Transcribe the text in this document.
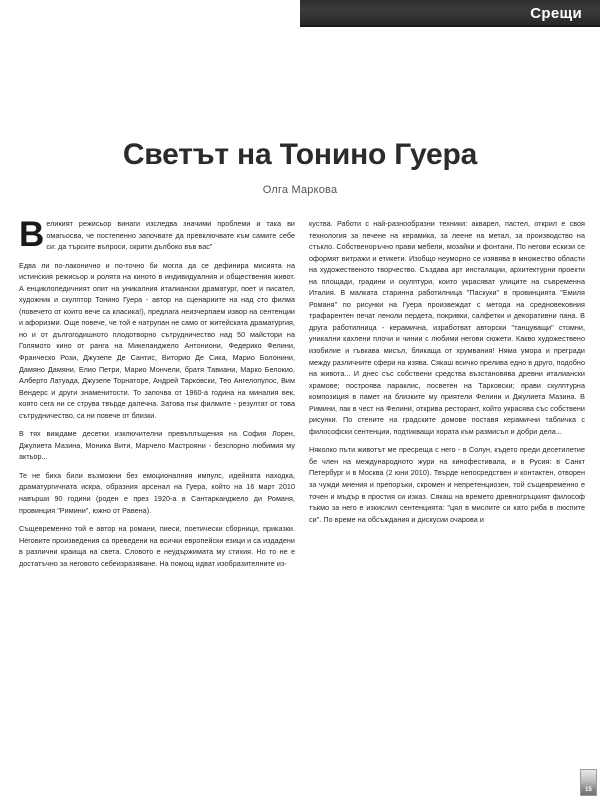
Срещи
Светът на Тонино Гуера
Олга Маркова

Великият режисьор винаги изследва значими проблеми и така ви омагьосва, че постепенно започвате да превключвате към самите себе си: да търсите въпроси, скрити дълбоко във вас"

Едва ли по-лаконично и по-точно би могла да се дефинира мисията на истинския режисьор и ролята на киното в индивидуалния и обществения живот. А енциклопедичният опит на уникалния италиански драматург, поет и писател, художник и скулптор Тонино Гуера - автор на сценариите на над сто филма (повечето от които вече са класика!), предлага неизчерпаем извор на сентенции и афоризми. Още повече, че той е натрупан не само от житейската драматургия, но и от дългогодишното плодотворно сътрудничество над 50 майстори на Голямото кино от ранга на Микеланджело Антониони, Федерико Фелини, Франческо Рози, Джузепе Де Сантис, Виторио Де Сика, Марио Болонини, Дамяно Дамяни, Елио Петри, Марио Мончели, братя Тавиани, Марко Белокио, Алберто Латуада, Джузепе Торнаторе, Андрей Тарковски, Тео Ангелопулос, Вим Вендерс и други знаменитости. То започва от 1960-а година на миналия век, която сега ни се струва твърде далечна. Затова пък филмите - резултат от това сътрудничество, са ни повече от близки.

В тях виждаме десетки изключителни превъплъщения на София Лорен, Джулиета Мазина, Моника Вити, Марчело Мастрояни - безспорно любимия му актьор...

Те не биха били възможни без емоционалния импулс, идейната находка, драматургичната искра, образния арсенал на Гуера, който на 16 март 2010 навърши 90 години (роден е през 1920-а в Сантарканджело ди Романя, провинция "Римини", южно от Равена).

Същевременно той е автор на романи, пиеси, поетически сборници, приказки. Неговите произведения са преведени на всички европейски езици и са издадени в различни краища на света. Словото е неудържимата му стихия. Но то не е достатъчно за неговото себеизразяване. На помощ идват изобразителните из-

куства. Работи с най-разнообразни техники: акварел, пастел, открил е своя технология за печене на керамика, за леене на метал, за производство на стъкло. Собственоръчно прави мебели, мозайки и фонтани. По негови ескизи се оформят витражи и етикети. Изобщо неуморно се изявява в множество области на художественото творчество. Създава арт инсталации, архитектурни проекти на площади, градини и скулптури, които украсяват улиците на съвременна Италия. В малката старинна работилница "Паскуки" в провинцията "Емиля Романя" по рисунки на Гуера произвеждат с метода на средновековния трафарентен печат пеноли пердета, покривки, салфетки и декоративни пана. В друга работилница - керамична, изработват авторски "танцуващи" стомни, уникални кахлени плочи и чинии с любими негови сюжети. Какво художествено изобилие и гъвкава мисъл, бликаща от хрумвания! Няма умора и прегради между различните сфери на изява. Сякаш всичко прелива едно в друго, подобно на живота... И днес със собствени средства възстановява древни италиански храмове; построява параклис, посветен на Тарковски; прави скулптурна композиция в памет на близките му приятели Фелини и Джулиета Мазина. В Римини, пак в чест на Фелини, открива ресторант, който украсява със собствени рисунки. По стените на градските домове поставя керамични табличка с философски сентенции, подтикващи хората към размисъл и добри дела...

Няколко пъти животът ме пресреща с него - в Солун, където преди десетилетие бе член на международното жури на кинофестивала, и в Русия: в Санкт Петербург и в Москва (2 юни 2010). Твърде непосредствен и контактен, отворен за чужди мнения и препоръки, скромен и непретенциозен, той същевременно е точен и мъдър в простия си изказ. Сякаш на времето древногръцкият философ тъкмо за него е изкислил сентенцията: "цял в мислите си като риба в люспите си". По време на обсъждания и дискусии очарова и

15
